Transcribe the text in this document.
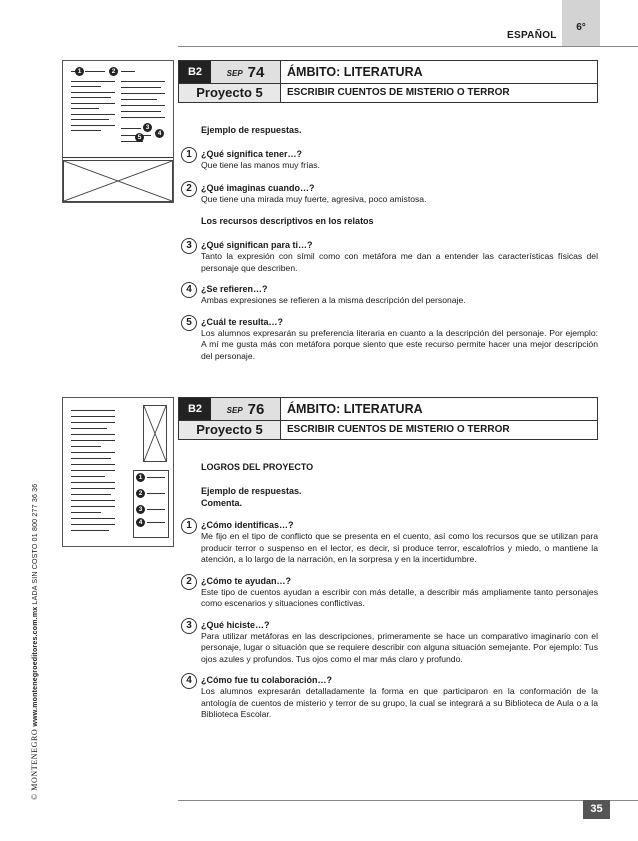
6°
ESPAÑOL
© MONTENEGRO www.montenegroeditores.com.mx LADA SIN COSTO 01 800 277 36 36
1	2
3
4
5
B2	SEP 74	ÁMBITO: LITERATURA
Proyecto 5	ESCRIBIR CUENTOS DE MISTERIO O TERROR
Ejemplo de respuestas.
1	¿Qué significa tener…?
Que tiene las manos muy frías.
2	¿Qué imaginas cuando…?
Que tiene una mirada muy fuerte, agresiva, poco amistosa.
Los recursos descriptivos en los relatos
3	¿Qué significan para ti…?
Tanto la expresión con símil como con metáfora me dan a entender las características físicas del personaje que describen.
4	¿Se refieren…?
Ambas expresiones se refieren a la misma descripción del personaje.
5	¿Cuál te resulta…?
Los alumnos expresarán su preferencia literaria en cuanto a la descripción del personaje. Por ejemplo: A mí me gusta más con metáfora porque siento que este recurso permite hacer una mejor descripción del personaje.
1
2
3
4
B2	SEP 76	ÁMBITO: LITERATURA
Proyecto 5	ESCRIBIR CUENTOS DE MISTERIO O TERROR
LOGROS DEL PROYECTO
Ejemplo de respuestas.
Comenta.
1	¿Cómo identificas…?
Me fijo en el tipo de conflicto que se presenta en el cuento, así como los recursos que se utilizan para producir terror o suspenso en el lector, es decir, si produce terror, escalofríos y miedo, o mantiene la atención, a lo largo de la narración, en la sorpresa y en la incertidumbre.
2	¿Cómo te ayudan…?
Este tipo de cuentos ayudan a escribir con más detalle, a describir más ampliamente tanto personajes como escenarios y situaciones conflictivas.
3	¿Qué hiciste…?
Para utilizar metáforas en las descripciones, primeramente se hace un comparativo imaginario con el personaje, lugar o situación que se requiere describir con alguna situación semejante. Por ejemplo: Tus ojos azules y profundos. Tus ojos como el mar más claro y profundo.
4	¿Cómo fue tu colaboración…?
Los alumnos expresarán detalladamente la forma en que participaron en la conformación de la antología de cuentos de misterio y terror de su grupo, la cual se integrará a su Biblioteca de Aula o a la Biblioteca Escolar.
35
